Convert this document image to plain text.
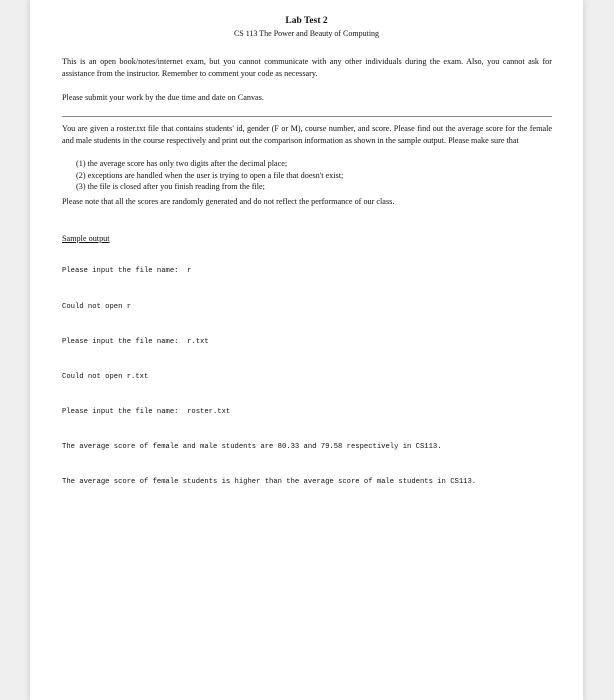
Lab Test 2

CS 113 The Power and Beauty of Computing

This is an open book/notes/internet exam, but you cannot communicate with any other individuals during the exam. Also, you cannot ask for assistance from the instructor. Remember to comment your code as necessary.

Please submit your work by the due time and date on Canvas.

You are given a roster.txt file that contains students' id, gender (F or M), course number, and score. Please find out the average score for the female and male students in the course respectively and print out the comparison information as shown in the sample output. Please make sure that

(1) the average score has only two digits after the decimal place;
(2) exceptions are handled when the user is trying to open a file that doesn't exist;
(3) the file is closed after you finish reading from the file;

Please note that all the scores are randomly generated and do not reflect the performance of our class.

Sample output

Please input the file name:  r

Could not open r

Please input the file name:  r.txt

Could not open r.txt

Please input the file name:  roster.txt

The average score of female and male students are 80.33 and 79.58 respectively in CS113.

The average score of female students is higher than the average score of male students in CS113.
